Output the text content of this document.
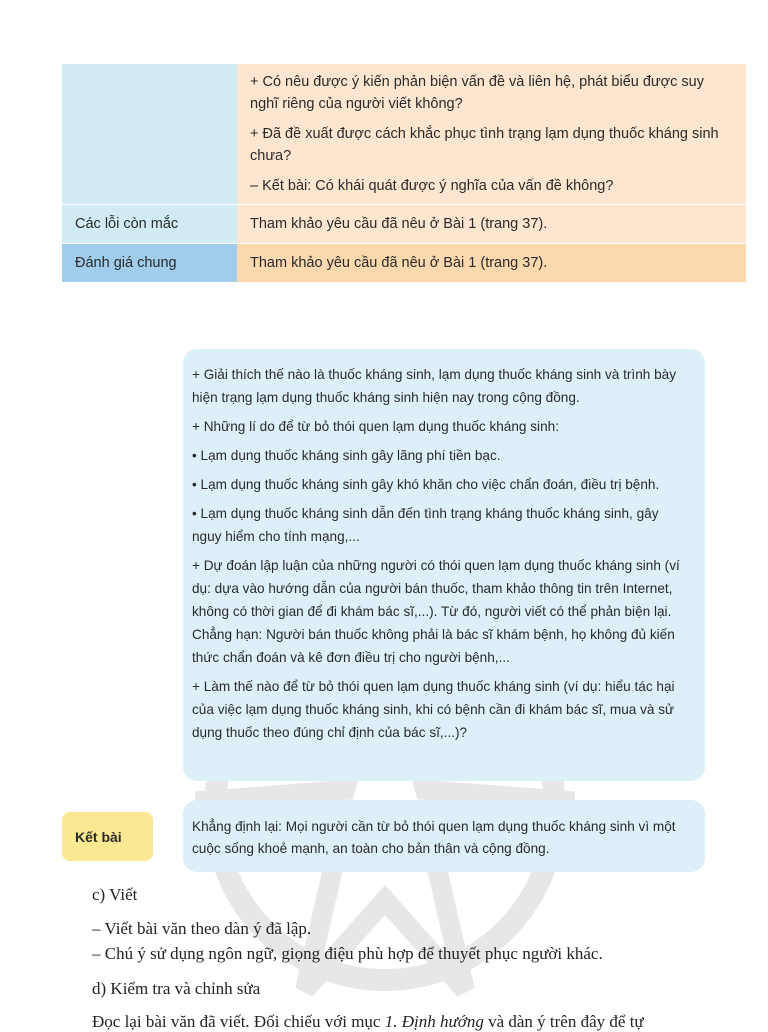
+ Có nêu được ý kiến phản biện vấn đề và liên hệ, phát biểu được suy nghĩ riêng của người viết không?

+ Đã đề xuất được cách khắc phục tình trạng lạm dụng thuốc kháng sinh chưa?

– Kết bài: Có khái quát được ý nghĩa của vấn đề không?

Các lỗi còn mắc	Tham khảo yêu cầu đã nêu ở Bài 1 (trang 37).
Đánh giá chung	Tham khảo yêu cầu đã nêu ở Bài 1 (trang 37).

+ Giải thích thế nào là thuốc kháng sinh, lạm dụng thuốc kháng sinh và trình bày hiện trạng lạm dụng thuốc kháng sinh hiện nay trong cộng đồng.

+ Những lí do để từ bỏ thói quen lạm dụng thuốc kháng sinh:

• Lạm dụng thuốc kháng sinh gây lãng phí tiền bạc.

• Lạm dụng thuốc kháng sinh gây khó khăn cho việc chẩn đoán, điều trị bệnh.

• Lạm dụng thuốc kháng sinh dẫn đến tình trạng kháng thuốc kháng sinh, gây nguy hiểm cho tính mạng,...

+ Dự đoán lập luận của những người có thói quen lạm dụng thuốc kháng sinh (ví dụ: dựa vào hướng dẫn của người bán thuốc, tham khảo thông tin trên Internet, không có thời gian để đi khám bác sĩ,...). Từ đó, người viết có thể phản biện lại. Chẳng hạn: Người bán thuốc không phải là bác sĩ khám bệnh, họ không đủ kiến thức chẩn đoán và kê đơn điều trị cho người bệnh,...

+ Làm thế nào để từ bỏ thói quen lạm dụng thuốc kháng sinh (ví dụ: hiểu tác hại của việc lạm dụng thuốc kháng sinh, khi có bệnh cần đi khám bác sĩ, mua và sử dụng thuốc theo đúng chỉ định của bác sĩ,...)?

Kết bài
Khẳng định lại: Mọi người cần từ bỏ thói quen lạm dụng thuốc kháng sinh vì một cuộc sống khoẻ mạnh, an toàn cho bản thân và cộng đồng.
c) Viết
– Viết bài văn theo dàn ý đã lập.
– Chú ý sử dụng ngôn ngữ, giọng điệu phù hợp để thuyết phục người khác.
d) Kiểm tra và chỉnh sửa
Đọc lại bài văn đã viết. Đối chiếu với mục 1. Định hướng và dàn ý trên đây để tự
